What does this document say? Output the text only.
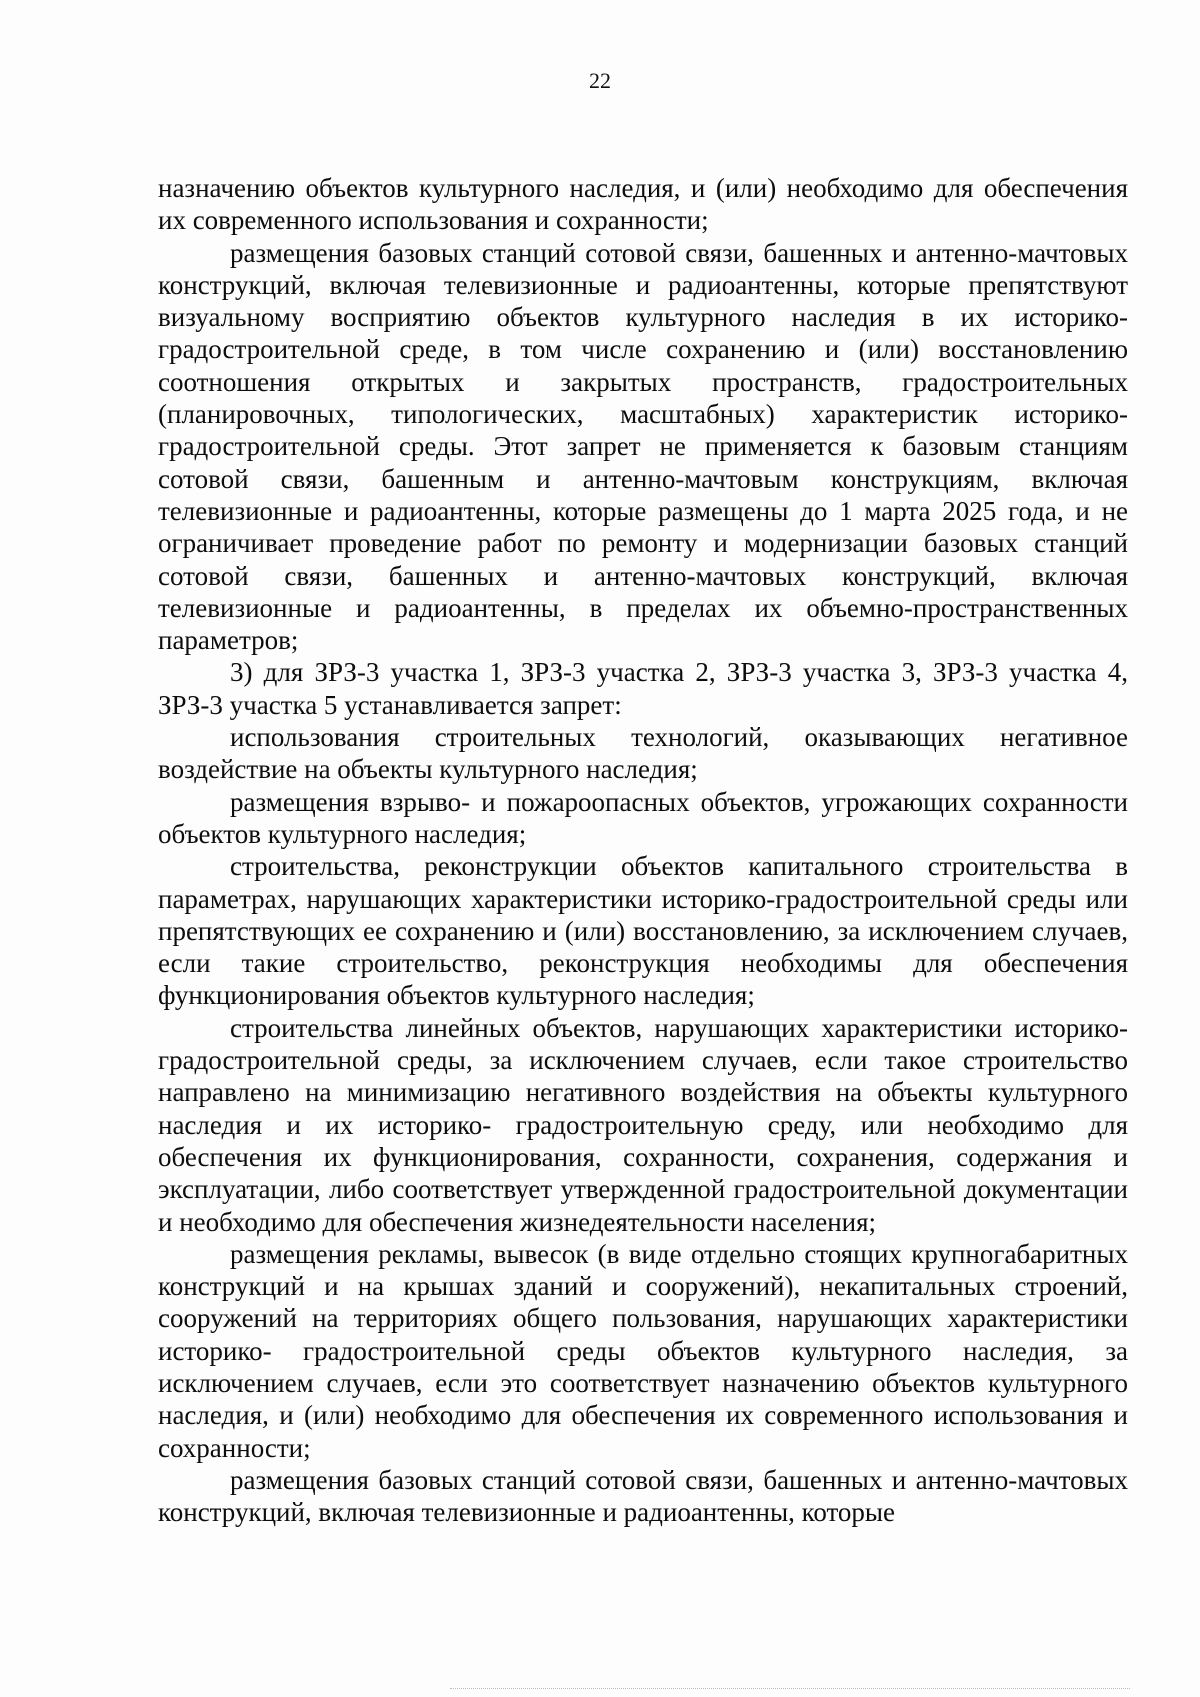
22

назначению объектов культурного наследия, и (или) необходимо для обеспечения их современного использования и сохранности;

размещения базовых станций сотовой связи, башенных и антенно-мачтовых конструкций, включая телевизионные и радиоантенны, которые препятствуют визуальному восприятию объектов культурного наследия в их историко-градостроительной среде, в том числе сохранению и (или) восстановлению соотношения открытых и закрытых пространств, градостроительных (планировочных, типологических, масштабных) характеристик историко-градостроительной среды. Этот запрет не применяется к базовым станциям сотовой связи, башенным и антенно-мачтовым конструкциям, включая телевизионные и радиоантенны, которые размещены до 1 марта 2025 года, и не ограничивает проведение работ по ремонту и модернизации базовых станций сотовой связи, башенных и антенно-мачтовых конструкций, включая телевизионные и радиоантенны, в пределах их объемно-пространственных параметров;

3) для ЗРЗ-3 участка 1, ЗРЗ-3 участка 2, ЗРЗ-3 участка 3, ЗРЗ-3 участка 4, ЗРЗ-3 участка 5 устанавливается запрет:

использования строительных технологий, оказывающих негативное воздействие на объекты культурного наследия;

размещения взрыво- и пожароопасных объектов, угрожающих сохранности объектов культурного наследия;

строительства, реконструкции объектов капитального строительства в параметрах, нарушающих характеристики историко-градостроительной среды или препятствующих ее сохранению и (или) восстановлению, за исключением случаев, если такие строительство, реконструкция необходимы для обеспечения функционирования объектов культурного наследия;

строительства линейных объектов, нарушающих характеристики историко- градостроительной среды, за исключением случаев, если такое строительство направлено на минимизацию негативного воздействия на объекты культурного наследия и их историко- градостроительную среду, или необходимо для обеспечения их функционирования, сохранности, сохранения, содержания и эксплуатации, либо соответствует утвержденной градостроительной документации и необходимо для обеспечения жизнедеятельности населения;

размещения рекламы, вывесок (в виде отдельно стоящих крупногабаритных конструкций и на крышах зданий и сооружений), некапитальных строений, сооружений на территориях общего пользования, нарушающих характеристики историко- градостроительной среды объектов культурного наследия, за исключением случаев, если это соответствует назначению объектов культурного наследия, и (или) необходимо для обеспечения их современного использования и сохранности;

размещения базовых станций сотовой связи, башенных и антенно-мачтовых конструкций, включая телевизионные и радиоантенны, которые
